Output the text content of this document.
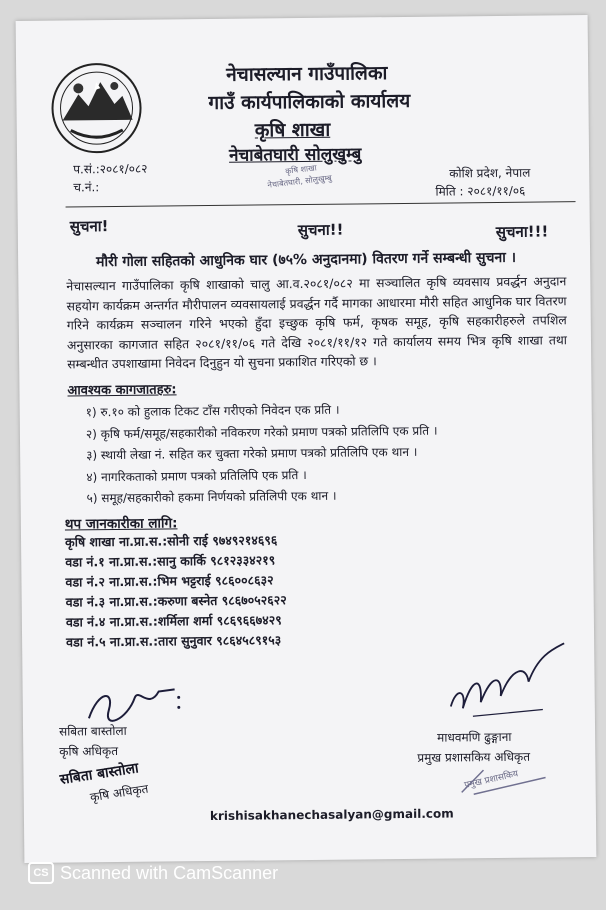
नेचासल्यान गाउँपालिका
गाउँ कार्यपालिकाको कार्यालय
कृषि शाखा
नेचाबेतघारी सोलुखुम्बु
कृषि शाखा
नेचाबेतघारी, सोलुखुम्बु
प.सं.:२०८१/०८२
च.नं.:
कोशि प्रदेश, नेपाल
मिति : २०८१/११/०६
सुचना!	सुचना!!	सुचना!!!
मौरी गोला सहितको आधुनिक घार (७५% अनुदानमा) वितरण गर्ने सम्बन्धी सुचना ।
नेचासल्यान गाउँपालिका कृषि शाखाको चालु आ.व.२०८१/०८२ मा सञ्चालित कृषि व्यवसाय प्रवर्द्धन अनुदान सहयोग कार्यक्रम अन्तर्गत मौरीपालन व्यवसायलाई प्रवर्द्धन गर्दै मागका आधारमा मौरी सहित आधुनिक घार वितरण गरिने कार्यक्रम सञ्चालन गरिने भएको हुँदा इच्छुक कृषि फर्म, कृषक समूह, कृषि सहकारीहरुले तपशिल अनुसारका कागजात सहित २०८१/११/०६ गते देखि २०८१/११/१२ गते कार्यालय समय भित्र कृषि शाखा तथा सम्बन्धीत उपशाखामा निवेदन दिनुहुन यो सुचना प्रकाशित गरिएको छ ।
आवश्यक कागजातहरु:
१) रु.१० को हुलाक टिकट टाँस गरीएको निवेदन एक प्रति ।
२) कृषि फर्म/समूह/सहकारीको नविकरण गरेको प्रमाण पत्रको प्रतिलिपि एक प्रति ।
३) स्थायी लेखा नं. सहित कर चुक्ता गरेको प्रमाण पत्रको प्रतिलिपि एक थान ।
४) नागरिकताको प्रमाण पत्रको प्रतिलिपि एक प्रति ।
५) समूह/सहकारीको हकमा निर्णयको प्रतिलिपी एक थान ।
थप जानकारीका लागि:
कृषि शाखा ना.प्रा.स.:सोनी राई ९७४९२१४६९६
वडा नं.१ ना.प्रा.स.:सानु कार्कि ९८१२३३४२१९
वडा नं.२ ना.प्रा.स.:भिम भट्टराई ९८६००८६३२
वडा नं.३ ना.प्रा.स.:करुणा बस्नेत ९८६७०५२६२२
वडा नं.४ ना.प्रा.स.:शर्मिला शर्मा ९८६९६६७४२९
वडा नं.५ ना.प्रा.स.:तारा सुनुवार ९८६४५८९१५३
सबिता बास्तोला
कृषि अधिकृत
सबिता बास्तोला
कृषि अधिकृत
माधवमणि ढुङ्गाना
प्रमुख प्रशासकिय अधिकृत
प्रमुख प्रशासकिय
krishisakhanechasalyan@gmail.com
CS Scanned with CamScanner
